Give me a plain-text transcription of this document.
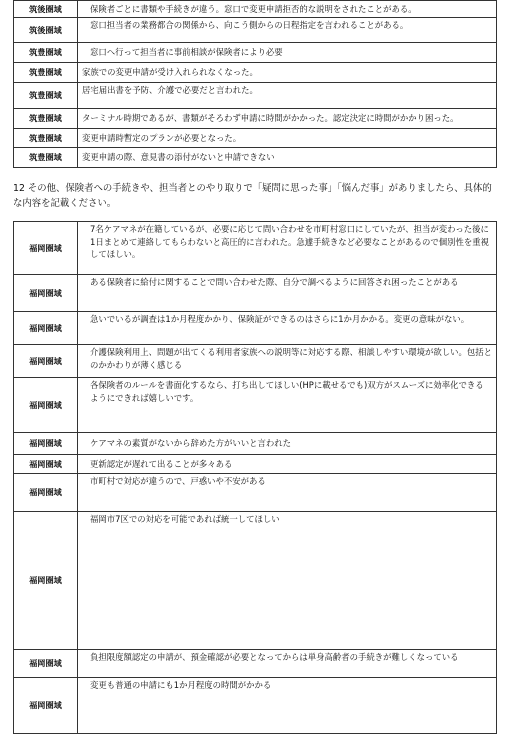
筑後圏域	保険者ごとに書類や手続きが違う。窓口で変更申請拒否的な説明をされたことがある。
筑後圏域	窓口担当者の業務都合の関係から、向こう側からの日程指定を言われることがある。
筑豊圏域	窓口へ行って担当者に事前相談が保険者により必要
筑豊圏域	家族での変更申請が受け入れられなくなった。
筑豊圏域	居宅届出書を予防、介護で必要だと言われた。
筑豊圏域	ターミナル時期であるが、書類がそろわず申請に時間がかかった。認定決定に時間がかかり困った。
筑豊圏域	変更申請時暫定のプランが必要となった。
筑豊圏域	変更申請の際、意見書の添付がないと申請できない

12 その他、保険者への手続きや、担当者とのやり取りで「疑問に思った事」「悩んだ事」がありましたら、具体的な内容を記載ください。

福岡圏域	7名ケアマネが在籍しているが、必要に応じて問い合わせを市町村窓口にしていたが、担当が変わった後に1日まとめて連絡してもらわないと高圧的に言われた。急遽手続きなど必要なことがあるので個別性を重視してほしい。
福岡圏域	ある保険者に給付に関することで問い合わせた際、自分で調べるように回答され困ったことがある
福岡圏域	急いでいるが調査は1か月程度かかり、保険証ができるのはさらに1か月かかる。変更の意味がない。
福岡圏域	介護保険利用上、問題が出てくる利用者家族への説明等に対応する際、相談しやすい環境が欲しい。包括とのかかわりが薄く感じる
福岡圏域	各保険者のルールを書面化するなら、打ち出してほしい(HPに載せるでも)双方がスムーズに効率化できるようにできれば嬉しいです。
福岡圏域	ケアマネの素質がないから辞めた方がいいと言われた
福岡圏域	更新認定が遅れて出ることが多々ある
福岡圏域	市町村で対応が違うので、戸惑いや不安がある
福岡圏域	福岡市7区での対応を可能であれば統一してほしい
福岡圏域	負担限度額認定の申請が、預金確認が必要となってからは単身高齢者の手続きが難しくなっている
福岡圏域	変更も普通の申請にも1か月程度の時間がかかる
